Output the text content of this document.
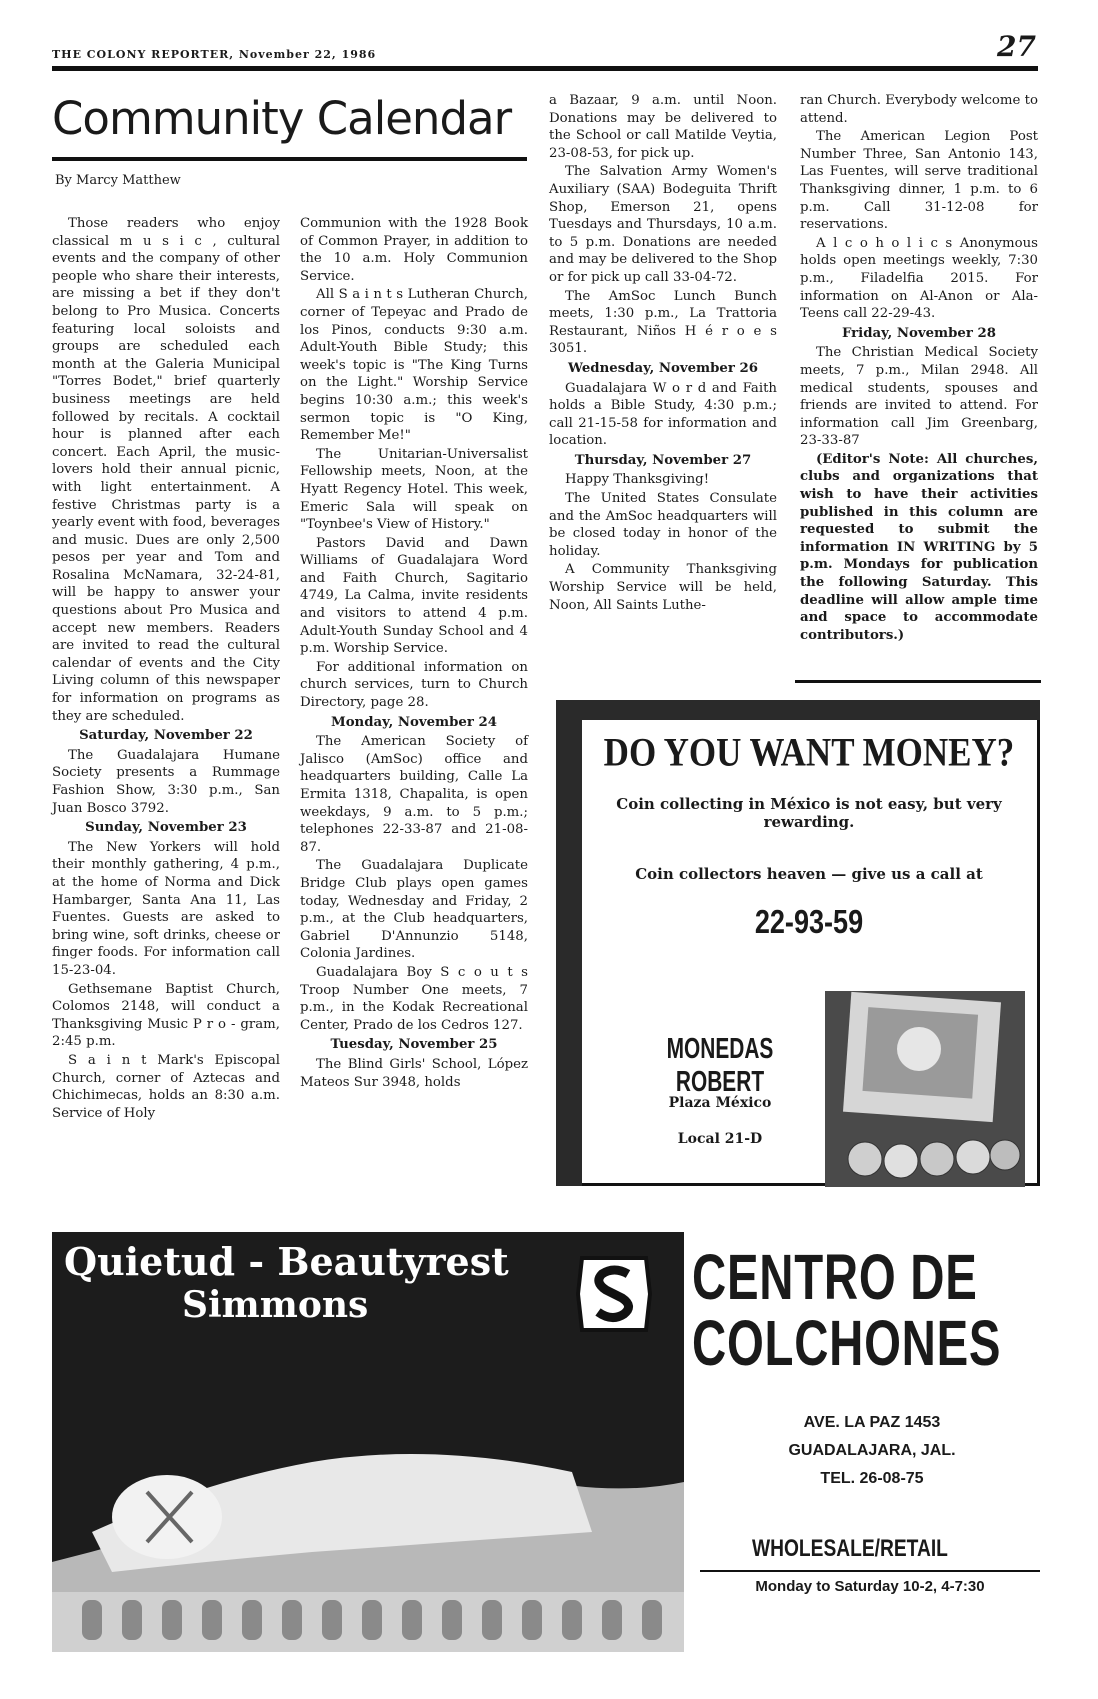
THE COLONY REPORTER, November 22, 1986	27
Community Calendar
By Marcy Matthew

Those readers who enjoy classical m u s i c , cultural events and the company of other people who share their interests, are missing a bet if they don't belong to Pro Musica. Concerts featuring local soloists and groups are scheduled each month at the Galeria Municipal "Torres Bodet," brief quarterly business meetings are held followed by recitals. A cocktail hour is planned after each concert. Each April, the music-lovers hold their annual picnic, with light entertainment. A festive Christmas party is a yearly event with food, beverages and music. Dues are only 2,500 pesos per year and Tom and Rosalina McNamara, 32-24-81, will be happy to answer your questions about Pro Musica and accept new members. Readers are invited to read the cultural calendar of events and the City Living column of this newspaper for information on programs as they are scheduled.

Saturday, November 22

The Guadalajara Humane Society presents a Rummage Fashion Show, 3:30 p.m., San Juan Bosco 3792.

Sunday, November 23

The New Yorkers will hold their monthly gathering, 4 p.m., at the home of Norma and Dick Hambarger, Santa Ana 11, Las Fuentes. Guests are asked to bring wine, soft drinks, cheese or finger foods. For information call 15-23-04.

Gethsemane Baptist Church, Colomos 2148, will conduct a Thanksgiving Music P r o - gram, 2:45 p.m.

S a i n t Mark's Episcopal Church, corner of Aztecas and Chichimecas, holds an 8:30 a.m. Service of Holy

Communion with the 1928 Book of Common Prayer, in addition to the 10 a.m. Holy Communion Service.

All S a i n t s Lutheran Church, corner of Tepeyac and Prado de los Pinos, conducts 9:30 a.m. Adult-Youth Bible Study; this week's topic is "The King Turns on the Light." Worship Service begins 10:30 a.m.; this week's sermon topic is "O King, Remember Me!"

The Unitarian-Universalist Fellowship meets, Noon, at the Hyatt Regency Hotel. This week, Emeric Sala will speak on "Toynbee's View of History."

Pastors David and Dawn Williams of Guadalajara Word and Faith Church, Sagitario 4749, La Calma, invite residents and visitors to attend 4 p.m. Adult-Youth Sunday School and 4 p.m. Worship Service.

For additional information on church services, turn to Church Directory, page 28.

Monday, November 24

The American Society of Jalisco (AmSoc) office and headquarters building, Calle La Ermita 1318, Chapalita, is open weekdays, 9 a.m. to 5 p.m.; telephones 22-33-87 and 21-08-87.

The Guadalajara Duplicate Bridge Club plays open games today, Wednesday and Friday, 2 p.m., at the Club headquarters, Gabriel D'Annunzio 5148, Colonia Jardines.

Guadalajara Boy S c o u t s Troop Number One meets, 7 p.m., in the Kodak Recreational Center, Prado de los Cedros 127.

Tuesday, November 25

The Blind Girls' School, López Mateos Sur 3948, holds

a Bazaar, 9 a.m. until Noon. Donations may be delivered to the School or call Matilde Veytia, 23-08-53, for pick up.

The Salvation Army Women's Auxiliary (SAA) Bodeguita Thrift Shop, Emerson 21, opens Tuesdays and Thursdays, 10 a.m. to 5 p.m. Donations are needed and may be delivered to the Shop or for pick up call 33-04-72.

The AmSoc Lunch Bunch meets, 1:30 p.m., La Trattoria Restaurant, Niños H é r o e s 3051.

Wednesday, November 26

Guadalajara W o r d and Faith holds a Bible Study, 4:30 p.m.; call 21-15-58 for information and location.

Thursday, November 27

Happy Thanksgiving!

The United States Consulate and the AmSoc headquarters will be closed today in honor of the holiday.

A Community Thanksgiving Worship Service will be held, Noon, All Saints Luthe-

ran Church. Everybody welcome to attend.

The American Legion Post Number Three, San Antonio 143, Las Fuentes, will serve traditional Thanksgiving dinner, 1 p.m. to 6 p.m. Call 31-12-08 for reservations.

A l c o h o l i c s Anonymous holds open meetings weekly, 7:30 p.m., Filadelfia 2015. For information on Al-Anon or Ala-Teens call 22-29-43.

Friday, November 28

The Christian Medical Society meets, 7 p.m., Milan 2948. All medical students, spouses and friends are invited to attend. For information call Jim Greenbarg, 23-33-87

(Editor's Note: All churches, clubs and organizations that wish to have their activities published in this column are requested to submit the information IN WRITING by 5 p.m. Mondays for publication the following Saturday. This deadline will allow ample time and space to accommodate contributors.)

DO YOU WANT MONEY?
Coin collecting in México is not easy, but very rewarding.
Coin collectors heaven — give us a call at
22-93-59
MONEDAS ROBERT
Plaza México
Local 21-D
Quietud - Beautyrest
Simmons	CENTRO DE
COLCHONES
AVE. LA PAZ 1453
GUADALAJARA, JAL.
TEL. 26-08-75
WHOLESALE/RETAIL
Monday to Saturday 10-2, 4-7:30
